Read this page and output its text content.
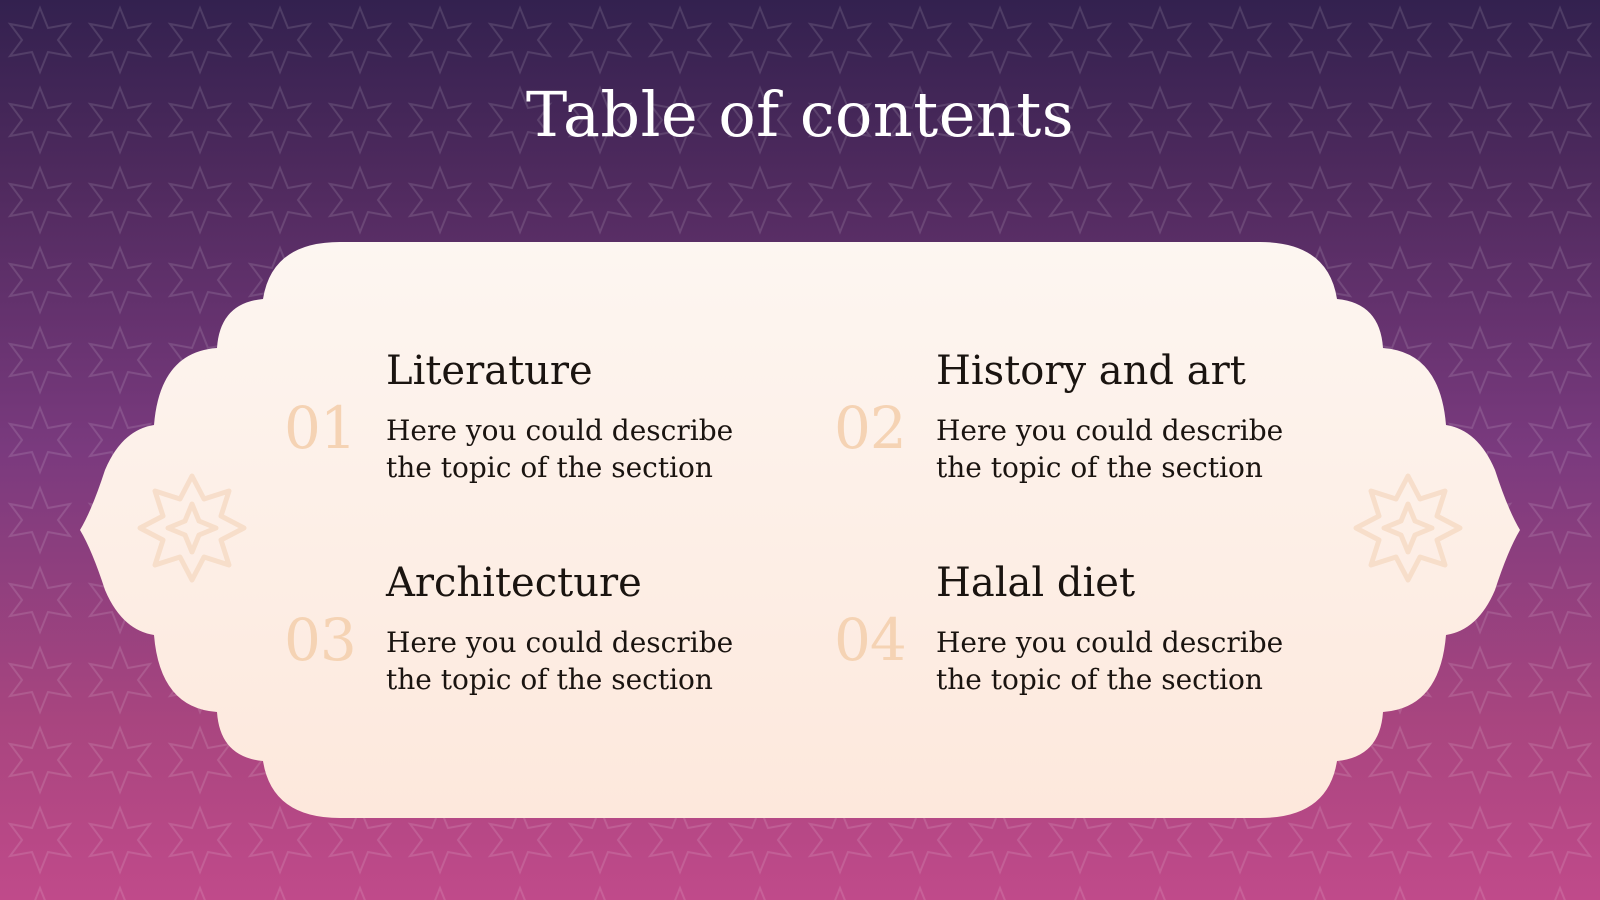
Table of contents
01
Literature
Here you could describe the topic of the section
02
History and art
Here you could describe the topic of the section
03
Architecture
Here you could describe the topic of the section
04
Halal diet
Here you could describe the topic of the section
